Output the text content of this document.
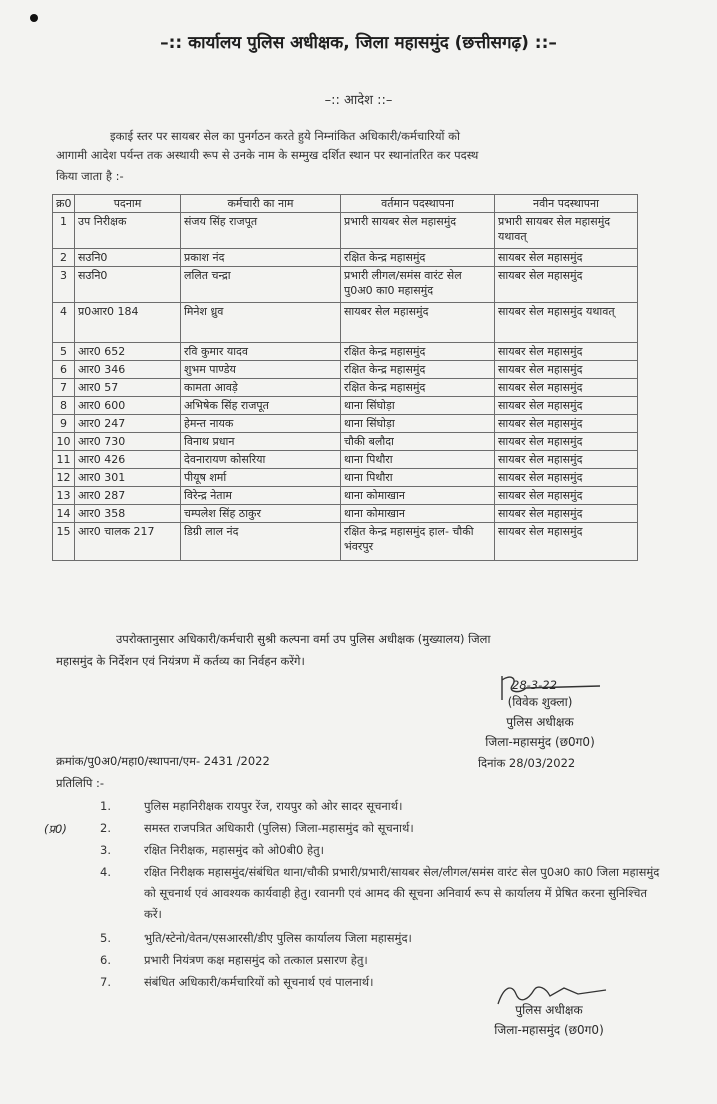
–:: कार्यालय पुलिस अधीक्षक, जिला महासमुंद (छत्तीसगढ़) ::–
–:: आदेश ::–
इकाई स्तर पर सायबर सेल का पुनर्गठन करते हुये निम्नांकित अधिकारी/कर्मचारियों को
आगामी आदेश पर्यन्त तक अस्थायी रूप से उनके नाम के सम्मुख दर्शित स्थान पर स्थानांतरित कर पदस्थ
किया जाता है :-
क्र0	पदनाम	कर्मचारी का नाम	वर्तमान पदस्थापना	नवीन पदस्थापना
1	उप निरीक्षक	संजय सिंह राजपूत	प्रभारी सायबर सेल महासमुंद	प्रभारी सायबर सेल महासमुंद यथावत्
2	सउनि0	प्रकाश नंद	रक्षित केन्द्र महासमुंद	सायबर सेल महासमुंद
3	सउनि0	ललित चन्द्रा	प्रभारी लीगल/समंस वारंट सेल पु0अ0 का0 महासमुंद	सायबर सेल महासमुंद
4	प्र0आर0 184	मिनेश ध्रुव	सायबर सेल महासमुंद	सायबर सेल महासमुंद यथावत्
5	आर0 652	रवि कुमार यादव	रक्षित केन्द्र महासमुंद	सायबर सेल महासमुंद
6	आर0 346	शुभम पाण्डेय	रक्षित केन्द्र महासमुंद	सायबर सेल महासमुंद
7	आर0 57	कामता आवड़े	रक्षित केन्द्र महासमुंद	सायबर सेल महासमुंद
8	आर0 600	अभिषेक सिंह राजपूत	थाना सिंघोड़ा	सायबर सेल महासमुंद
9	आर0 247	हेमन्त नायक	थाना सिंघोड़ा	सायबर सेल महासमुंद
10	आर0 730	विनाथ प्रधान	चौकी बलौदा	सायबर सेल महासमुंद
11	आर0 426	देवनारायण कोसरिया	थाना पिथौरा	सायबर सेल महासमुंद
12	आर0 301	पीयूष शर्मा	थाना पिथौरा	सायबर सेल महासमुंद
13	आर0 287	विरेन्द्र नेताम	थाना कोमाखान	सायबर सेल महासमुंद
14	आर0 358	चम्पलेश सिंह ठाकुर	थाना कोमाखान	सायबर सेल महासमुंद
15	आर0 चालक 217	डिग्री लाल नंद	रक्षित केन्द्र महासमुंद हाल- चौकी भंवरपुर	सायबर सेल महासमुंद
उपरोक्तानुसार अधिकारी/कर्मचारी सुश्री कल्पना वर्मा उप पुलिस अधीक्षक (मुख्यालय) जिला
महासमुंद के निर्देशन एवं नियंत्रण में कर्तव्य का निर्वहन करेंगे।
28-3-22
(विवेक शुक्ला)
पुलिस अधीक्षक
जिला-महासमुंद (छ0ग0)
क्रमांक/पु0अ0/महा0/स्थापना/एम- 2431 /2022	दिनांक 28/03/2022
प्रतिलिपि :-
(प्र0)
1.	पुलिस महानिरीक्षक रायपुर रेंज, रायपुर को ओर सादर सूचनार्थ।
2.	समस्त राजपत्रित अधिकारी (पुलिस) जिला-महासमुंद को सूचनार्थ।
3.	रक्षित निरीक्षक, महासमुंद को ओ0बी0 हेतु।
4.	रक्षित निरीक्षक महासमुंद/संबंधित थाना/चौकी प्रभारी/प्रभारी/सायबर सेल/लीगल/समंस वारंट सेल पु0अ0 का0 जिला महासमुंद को सूचनार्थ एवं आवश्यक कार्यवाही हेतु। रवानगी एवं आमद की सूचना अनिवार्य रूप से कार्यालय में प्रेषित करना सुनिश्चित करें।
5.	भुति/स्टेनो/वेतन/एसआरसी/डीए पुलिस कार्यालय जिला महासमुंद।
6.	प्रभारी नियंत्रण कक्ष महासमुंद को तत्काल प्रसारण हेतु।
7.	संबंधित अधिकारी/कर्मचारियों को सूचनार्थ एवं पालनार्थ।
पुलिस अधीक्षक
जिला-महासमुंद (छ0ग0)
